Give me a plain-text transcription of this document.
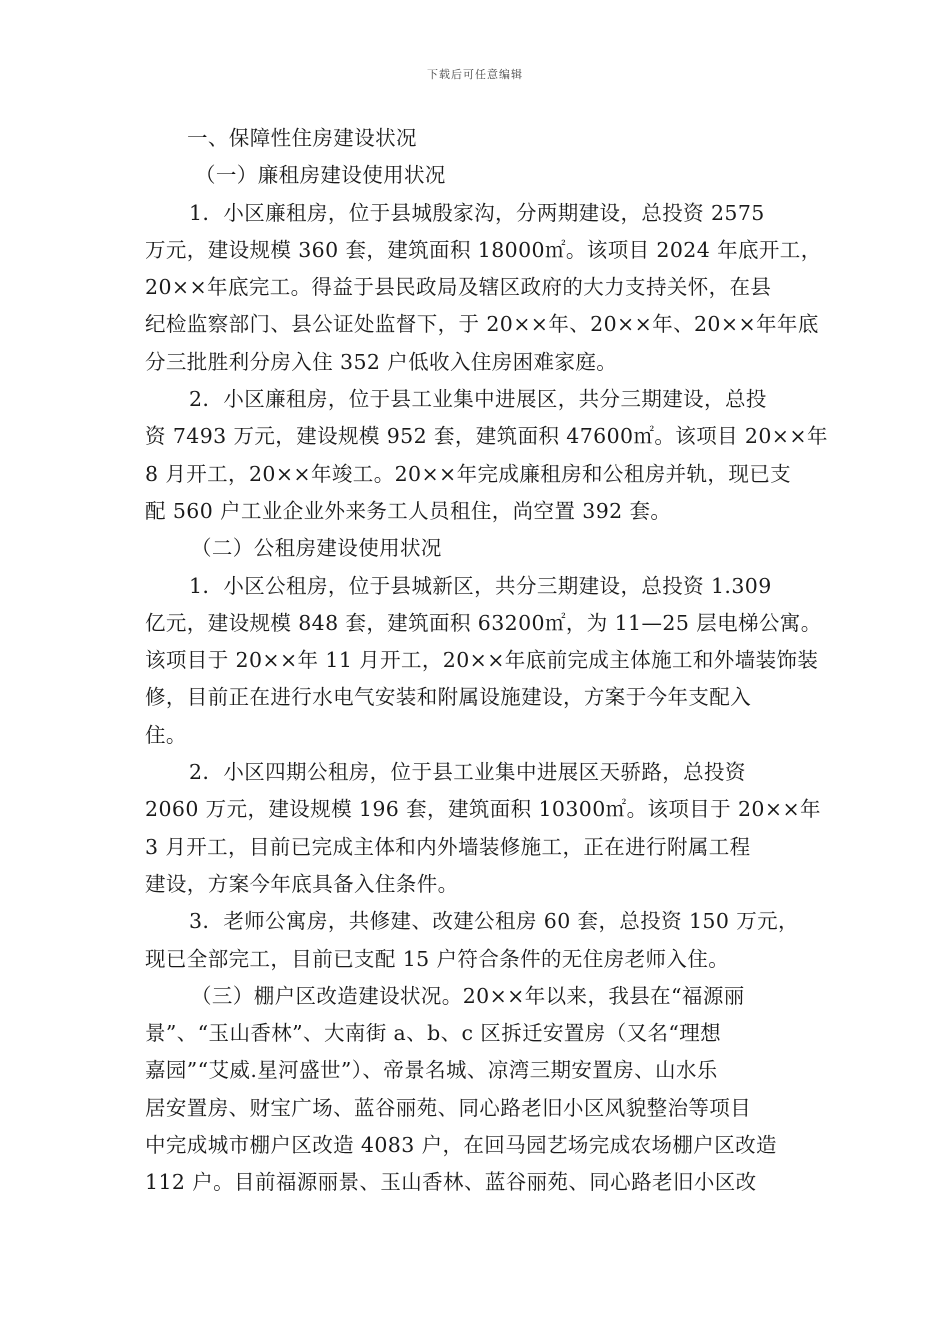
下载后可任意编辑
一、保障性住房建设状况
（一）廉租房建设使用状况
1．小区廉租房，位于县城殷家沟，分两期建设，总投资 2575
万元，建设规模 360 套，建筑面积 18000㎡。该项目 2024 年底开工，
20××年底完工。得益于县民政局及辖区政府的大力支持关怀，在县
纪检监察部门、县公证处监督下，于 20××年、20××年、20××年年底
分三批胜利分房入住 352 户低收入住房困难家庭。
2．小区廉租房，位于县工业集中进展区，共分三期建设，总投
资 7493 万元，建设规模 952 套，建筑面积 47600㎡。该项目 20××年
8 月开工，20××年竣工。20××年完成廉租房和公租房并轨，现已支
配 560 户工业企业外来务工人员租住，尚空置 392 套。
（二）公租房建设使用状况
1．小区公租房，位于县城新区，共分三期建设，总投资 1.309
亿元，建设规模 848 套，建筑面积 63200㎡，为 11—25 层电梯公寓。
该项目于 20××年 11 月开工，20××年底前完成主体施工和外墙装饰装
修，目前正在进行水电气安装和附属设施建设，方案于今年支配入
住。
2．小区四期公租房，位于县工业集中进展区天骄路，总投资
2060 万元，建设规模 196 套，建筑面积 10300㎡。该项目于 20××年
3 月开工，目前已完成主体和内外墙装修施工，正在进行附属工程
建设，方案今年底具备入住条件。
3．老师公寓房，共修建、改建公租房 60 套，总投资 150 万元，
现已全部完工，目前已支配 15 户符合条件的无住房老师入住。
（三）棚户区改造建设状况。20××年以来，我县在“福源丽
景”、“玉山香林”、大南街 a、b、c 区拆迁安置房（又名“理想
嘉园”“艾威.星河盛世”）、帝景名城、凉湾三期安置房、山水乐
居安置房、财宝广场、蓝谷丽苑、同心路老旧小区风貌整治等项目
中完成城市棚户区改造 4083 户，在回马园艺场完成农场棚户区改造
112 户。目前福源丽景、玉山香林、蓝谷丽苑、同心路老旧小区改
